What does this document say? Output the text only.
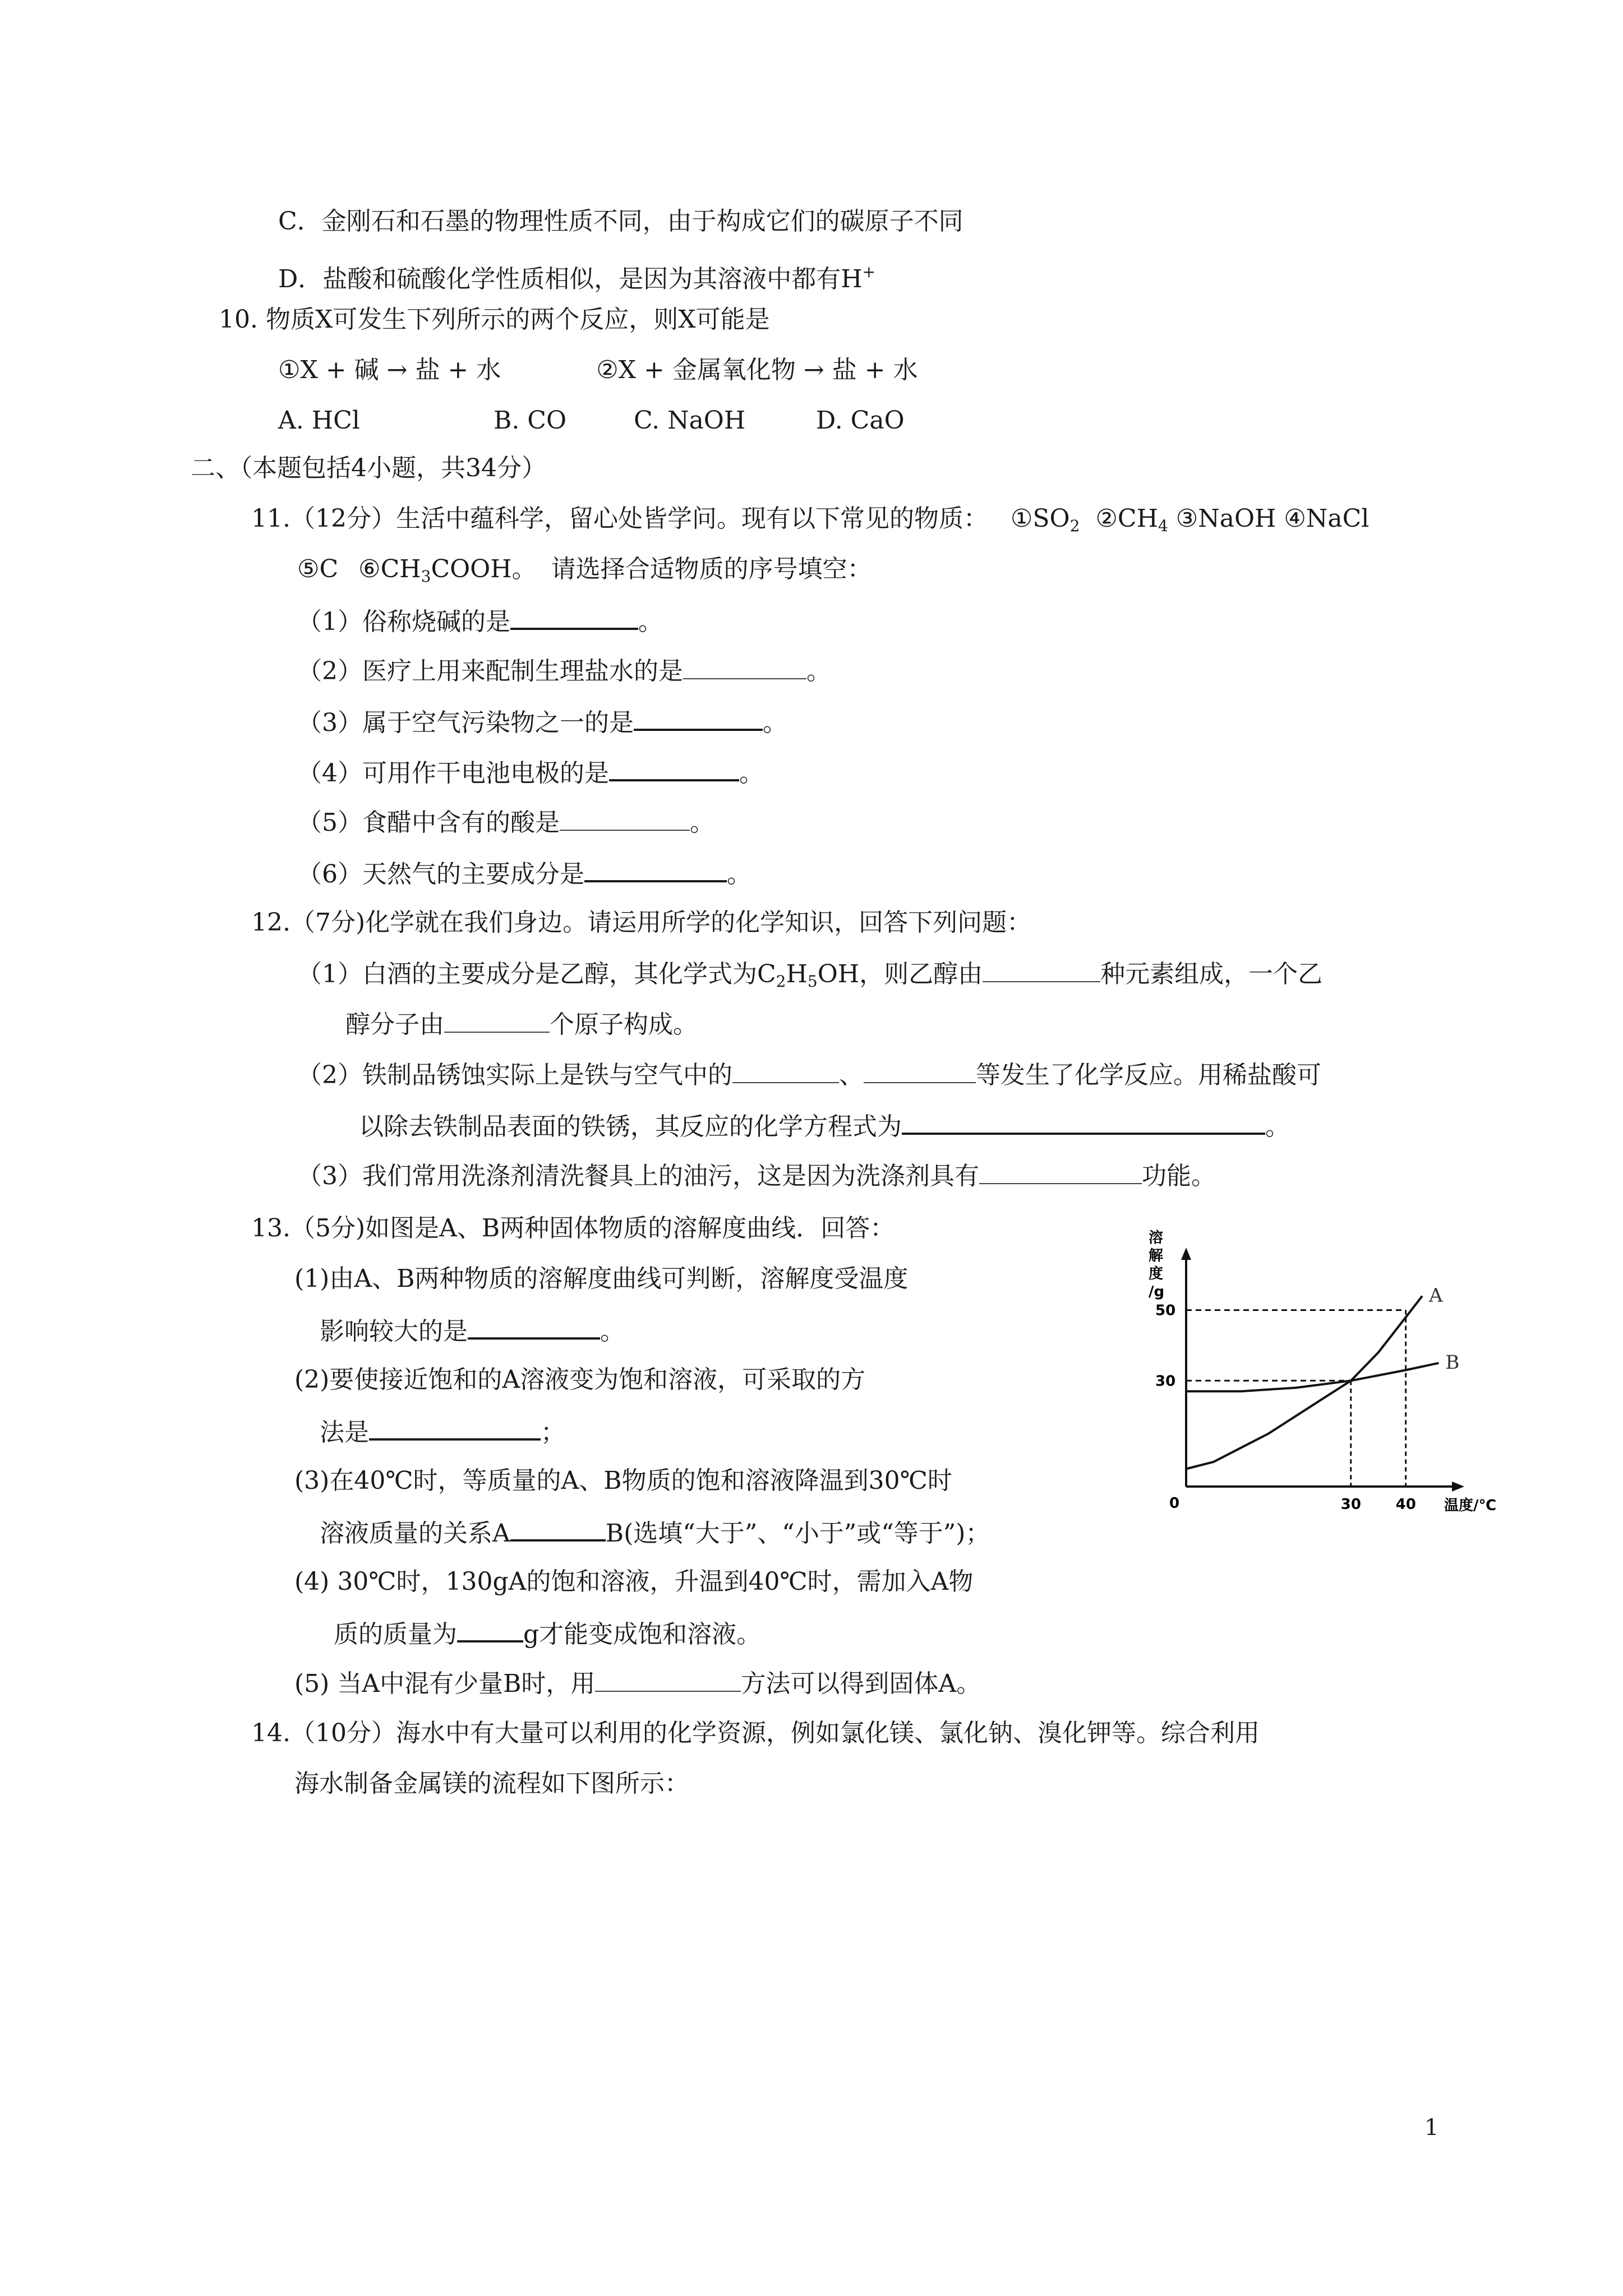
C．金刚石和石墨的物理性质不同，由于构成它们的碳原子不同
D．盐酸和硫酸化学性质相似，是因为其溶液中都有H+
10. 物质X可发生下列所示的两个反应，则X可能是
①X + 碱 → 盐 + 水	②X + 金属氧化物 → 盐 + 水
A. HCl	B. CO	C. NaOH	D. CaO
二、（本题包括4小题，共34分）
11.（12分）生活中蕴科学，留心处皆学问。现有以下常见的物质： $①SO_2$ $②CH_4$ ③NaOH ④NaCl
⑤C $⑥CH_3COOH$。 请选择合适物质的序号填空：
（1）俗称烧碱的是	。
（2）医疗上用来配制生理盐水的是	。
（3）属于空气污染物之一的是	。
（4）可用作干电池电极的是	。
（5）食醋中含有的酸是	。
（6）天然气的主要成分是	。
12.（7分)化学就在我们身边。请运用所学的化学知识，回答下列问题：
（1）白酒的主要成分是乙醇，其化学式为$C_2H_5OH$，则乙醇由	种元素组成，一个乙
醇分子由	个原子构成。
（2）铁制品锈蚀实际上是铁与空气中的	、	等发生了化学反应。用稀盐酸可
以除去铁制品表面的铁锈，其反应的化学方程式为	。
（3）我们常用洗涤剂清洗餐具上的油污，这是因为洗涤剂具有	功能。
13.（5分)如图是A、B两种固体物质的溶解度曲线．回答：
(1)由A、B两种物质的溶解度曲线可判断，溶解度受温度
影响较大的是	。
(2)要使接近饱和的A溶液变为饱和溶液，可采取的方
法是	；
(3)在40℃时，等质量的A、B物质的饱和溶液降温到30℃时
溶液质量的关系A	B(选填“大于”、“小于”或“等于”)；
(4) 30℃时，130gA的饱和溶液，升温到40℃时，需加入A物
质的质量为	g才能变成饱和溶液。
(5) 当A中混有少量B时，用	方法可以得到固体A。
14.（10分）海水中有大量可以利用的化学资源，例如氯化镁、氯化钠、溴化钾等。综合利用
海水制备金属镁的流程如下图所示：
溶解度/g
温度/℃
0
30
50
30 40
A
B
1
